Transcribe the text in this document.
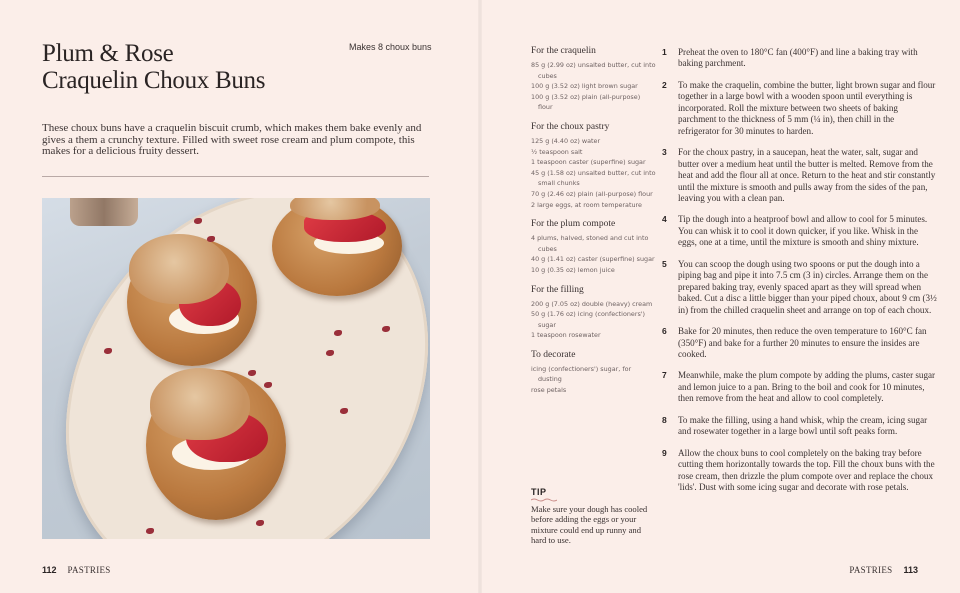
Plum & Rose
Craquelin Choux Buns
Makes 8 choux buns

These choux buns have a craquelin biscuit crumb, which makes them bake evenly and gives a them a crunchy texture. Filled with sweet rose cream and plum compote, this makes for a delicious fruity dessert.

112 PASTRIES
For the craquelin
85 g (2.99 oz) unsalted butter, cut into cubes
100 g (3.52 oz) light brown sugar
100 g (3.52 oz) plain (all-purpose) flour
For the choux pastry
125 g (4.40 oz) water
½ teaspoon salt
1 teaspoon caster (superfine) sugar
45 g (1.58 oz) unsalted butter, cut into small chunks
70 g (2.46 oz) plain (all-purpose) flour
2 large eggs, at room temperature
For the plum compote
4 plums, halved, stoned and cut into cubes
40 g (1.41 oz) caster (superfine) sugar
10 g (0.35 oz) lemon juice
For the filling
200 g (7.05 oz) double (heavy) cream
50 g (1.76 oz) icing (confectioners') sugar
1 teaspoon rosewater
To decorate
icing (confectioners') sugar, for dusting
rose petals
TIP

Make sure your dough has cooled before adding the eggs or your mixture could end up runny and hard to use.

1 Preheat the oven to 180°C fan (400°F) and line a baking tray with baking parchment.
2 To make the craquelin, combine the butter, light brown sugar and flour together in a large bowl with a wooden spoon until everything is incorporated. Roll the mixture between two sheets of baking parchment to the thickness of 5 mm (¼ in), then chill in the refrigerator for 30 minutes to harden.
3 For the choux pastry, in a saucepan, heat the water, salt, sugar and butter over a medium heat until the butter is melted. Remove from the heat and add the flour all at once. Return to the heat and stir constantly until the mixture is smooth and pulls away from the sides of the pan, leaving you with a clean pan.
4 Tip the dough into a heatproof bowl and allow to cool for 5 minutes. You can whisk it to cool it down quicker, if you like. Whisk in the eggs, one at a time, until the mixture is smooth and shiny mixture.
5 You can scoop the dough using two spoons or put the dough into a piping bag and pipe it into 7.5 cm (3 in) circles. Arrange them on the prepared baking tray, evenly spaced apart as they will spread when baked. Cut a disc a little bigger than your piped choux, about 9 cm (3½ in) from the chilled craquelin sheet and arrange on top of each choux.
6 Bake for 20 minutes, then reduce the oven temperature to 160°C fan (350°F) and bake for a further 20 minutes to ensure the insides are cooked.
7 Meanwhile, make the plum compote by adding the plums, caster sugar and lemon juice to a pan. Bring to the boil and cook for 10 minutes, then remove from the heat and allow to cool completely.
8 To make the filling, using a hand whisk, whip the cream, icing sugar and rosewater together in a large bowl until soft peaks form.
9 Allow the choux buns to cool completely on the baking tray before cutting them horizontally towards the top. Fill the choux buns with the rose cream, then drizzle the plum compote over and replace the choux 'lids'. Dust with some icing sugar and decorate with rose petals.
PASTRIES 113
